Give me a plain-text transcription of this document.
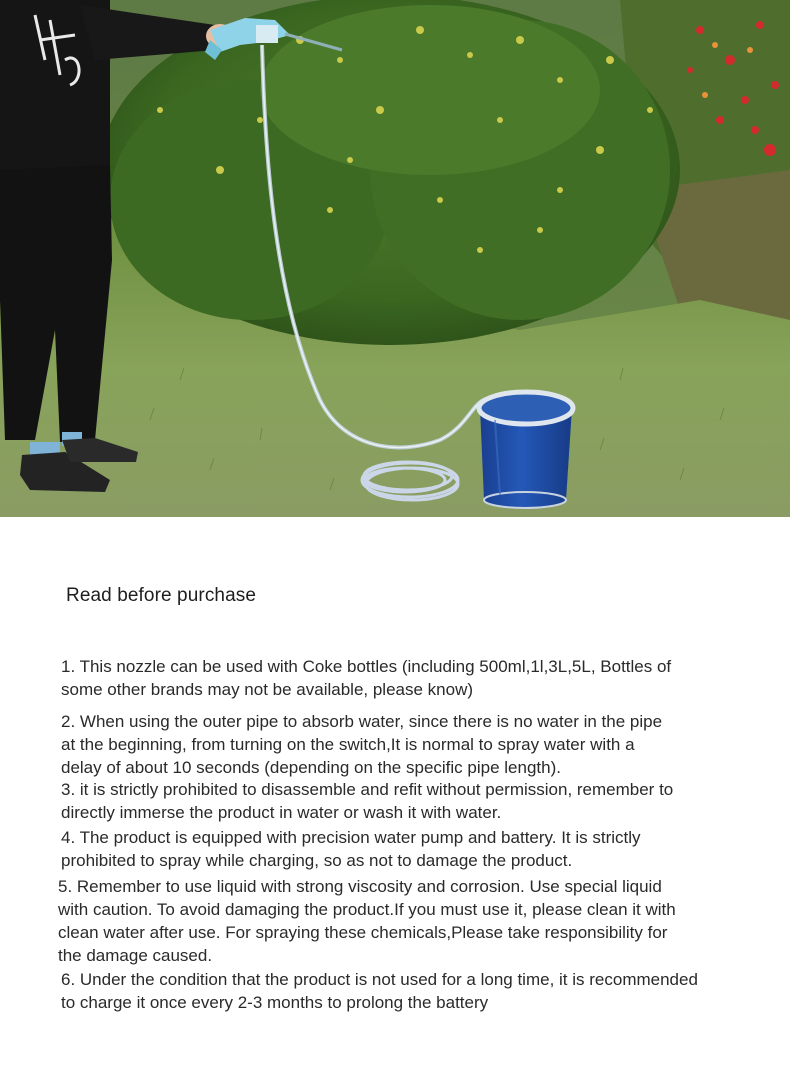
Read before purchase
1. This nozzle can be used with Coke bottles (including 500ml,1l,3L,5L, Bottles of
some other brands may not be available, please know)
2. When using the outer pipe to absorb water, since there is no water in the pipe
at the beginning, from turning on the switch,It is normal to spray water with a
delay of about 10 seconds (depending on the specific pipe length).
3. it is strictly prohibited to disassemble and refit without permission, remember to
directly immerse the product in water or wash it with water.
4. The product is equipped with precision water pump and battery. It is strictly
prohibited to spray while charging, so as not to damage the product.
5. Remember to use liquid with strong viscosity and corrosion. Use special liquid
with caution. To avoid damaging the product.If you must use it, please clean it with
clean water after use. For spraying these chemicals,Please take responsibility for
the damage caused.
6. Under the condition that the product is not used for a long time, it is recommended
to charge it once every 2-3 months to prolong the battery
